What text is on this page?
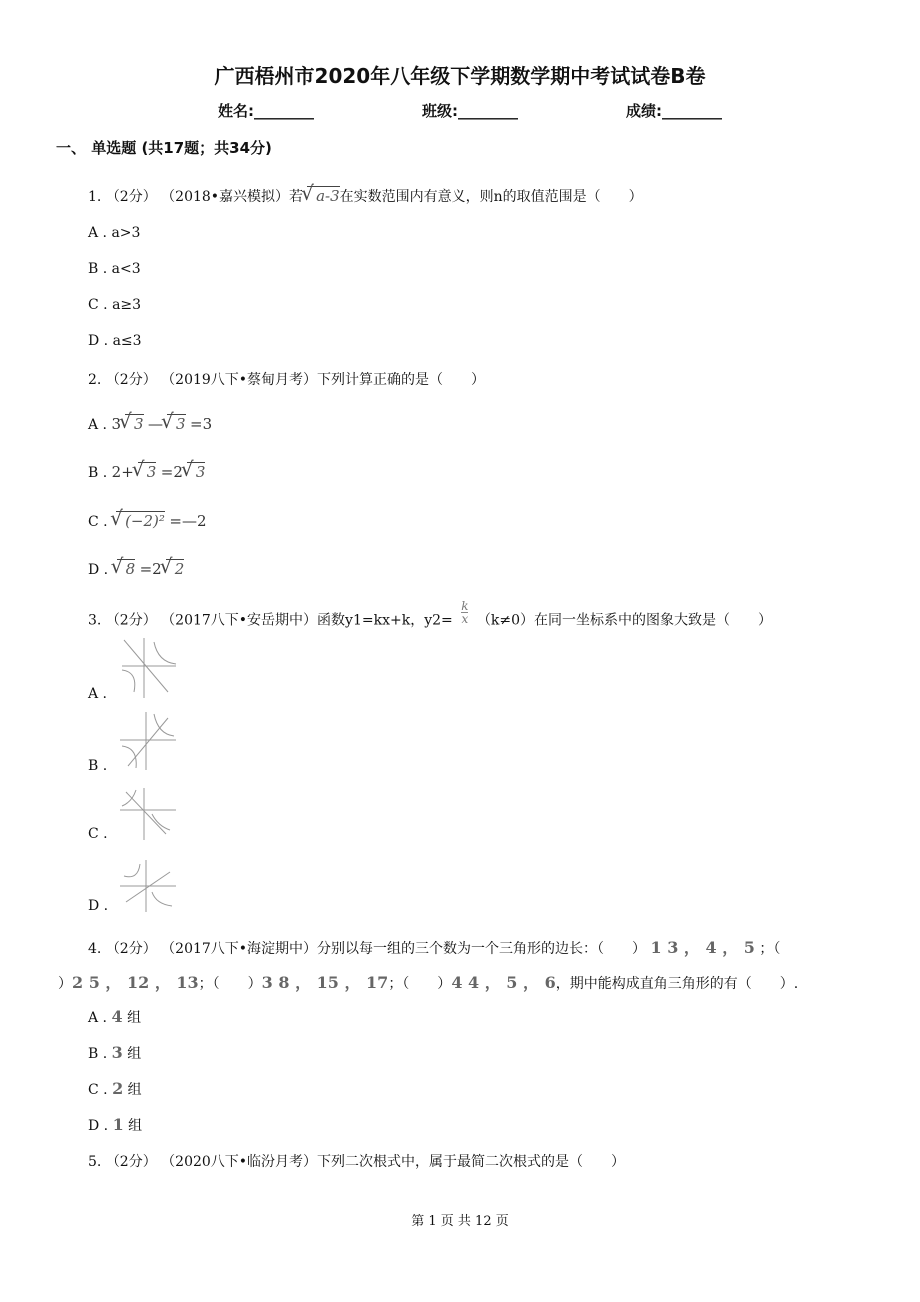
广西梧州市2020年八年级下学期数学期中考试试卷B卷
姓名:________	班级:________	成绩:________
一、 单选题 (共17题；共34分)
1. （2分） （2018•嘉兴模拟）若 √ a-3在实数范围内有意义，则n的取值范围是（　　）
A . a>3
B . a<3
C . a≥3
D . a≤3
2. （2分） （2019八下•蔡甸月考）下列计算正确的是（　　）
A . 3 √ 3 — √ 3 =3
B . 2+ √ 3 =2 √ 3
C . √ (−2)² =—2
D . √ 8 =2 √ 2
3. （2分） （2017八下•安岳期中）函数y1=kx+k，$y2= \frac{k}{x} (k\ne 0)$在同一坐标系中的图象大致是（　　）
A .
B .
C .
D .
4. （2分） （2017八下•海淀期中）分别以每一组的三个数为一个三角形的边长：（　　） 1 3 ， 4 ， 5 ；（
）2 5 ， 12 ， 13；（　　）3 8 ， 15 ， 17；（　　）4 4 ， 5 ， 6，期中能构成直角三角形的有（　　）.
A . 4 组
B . 3 组
C . 2 组
D . 1 组
5. （2分） （2020八下•临汾月考）下列二次根式中，属于最简二次根式的是（　　）
第 1 页 共 12 页
